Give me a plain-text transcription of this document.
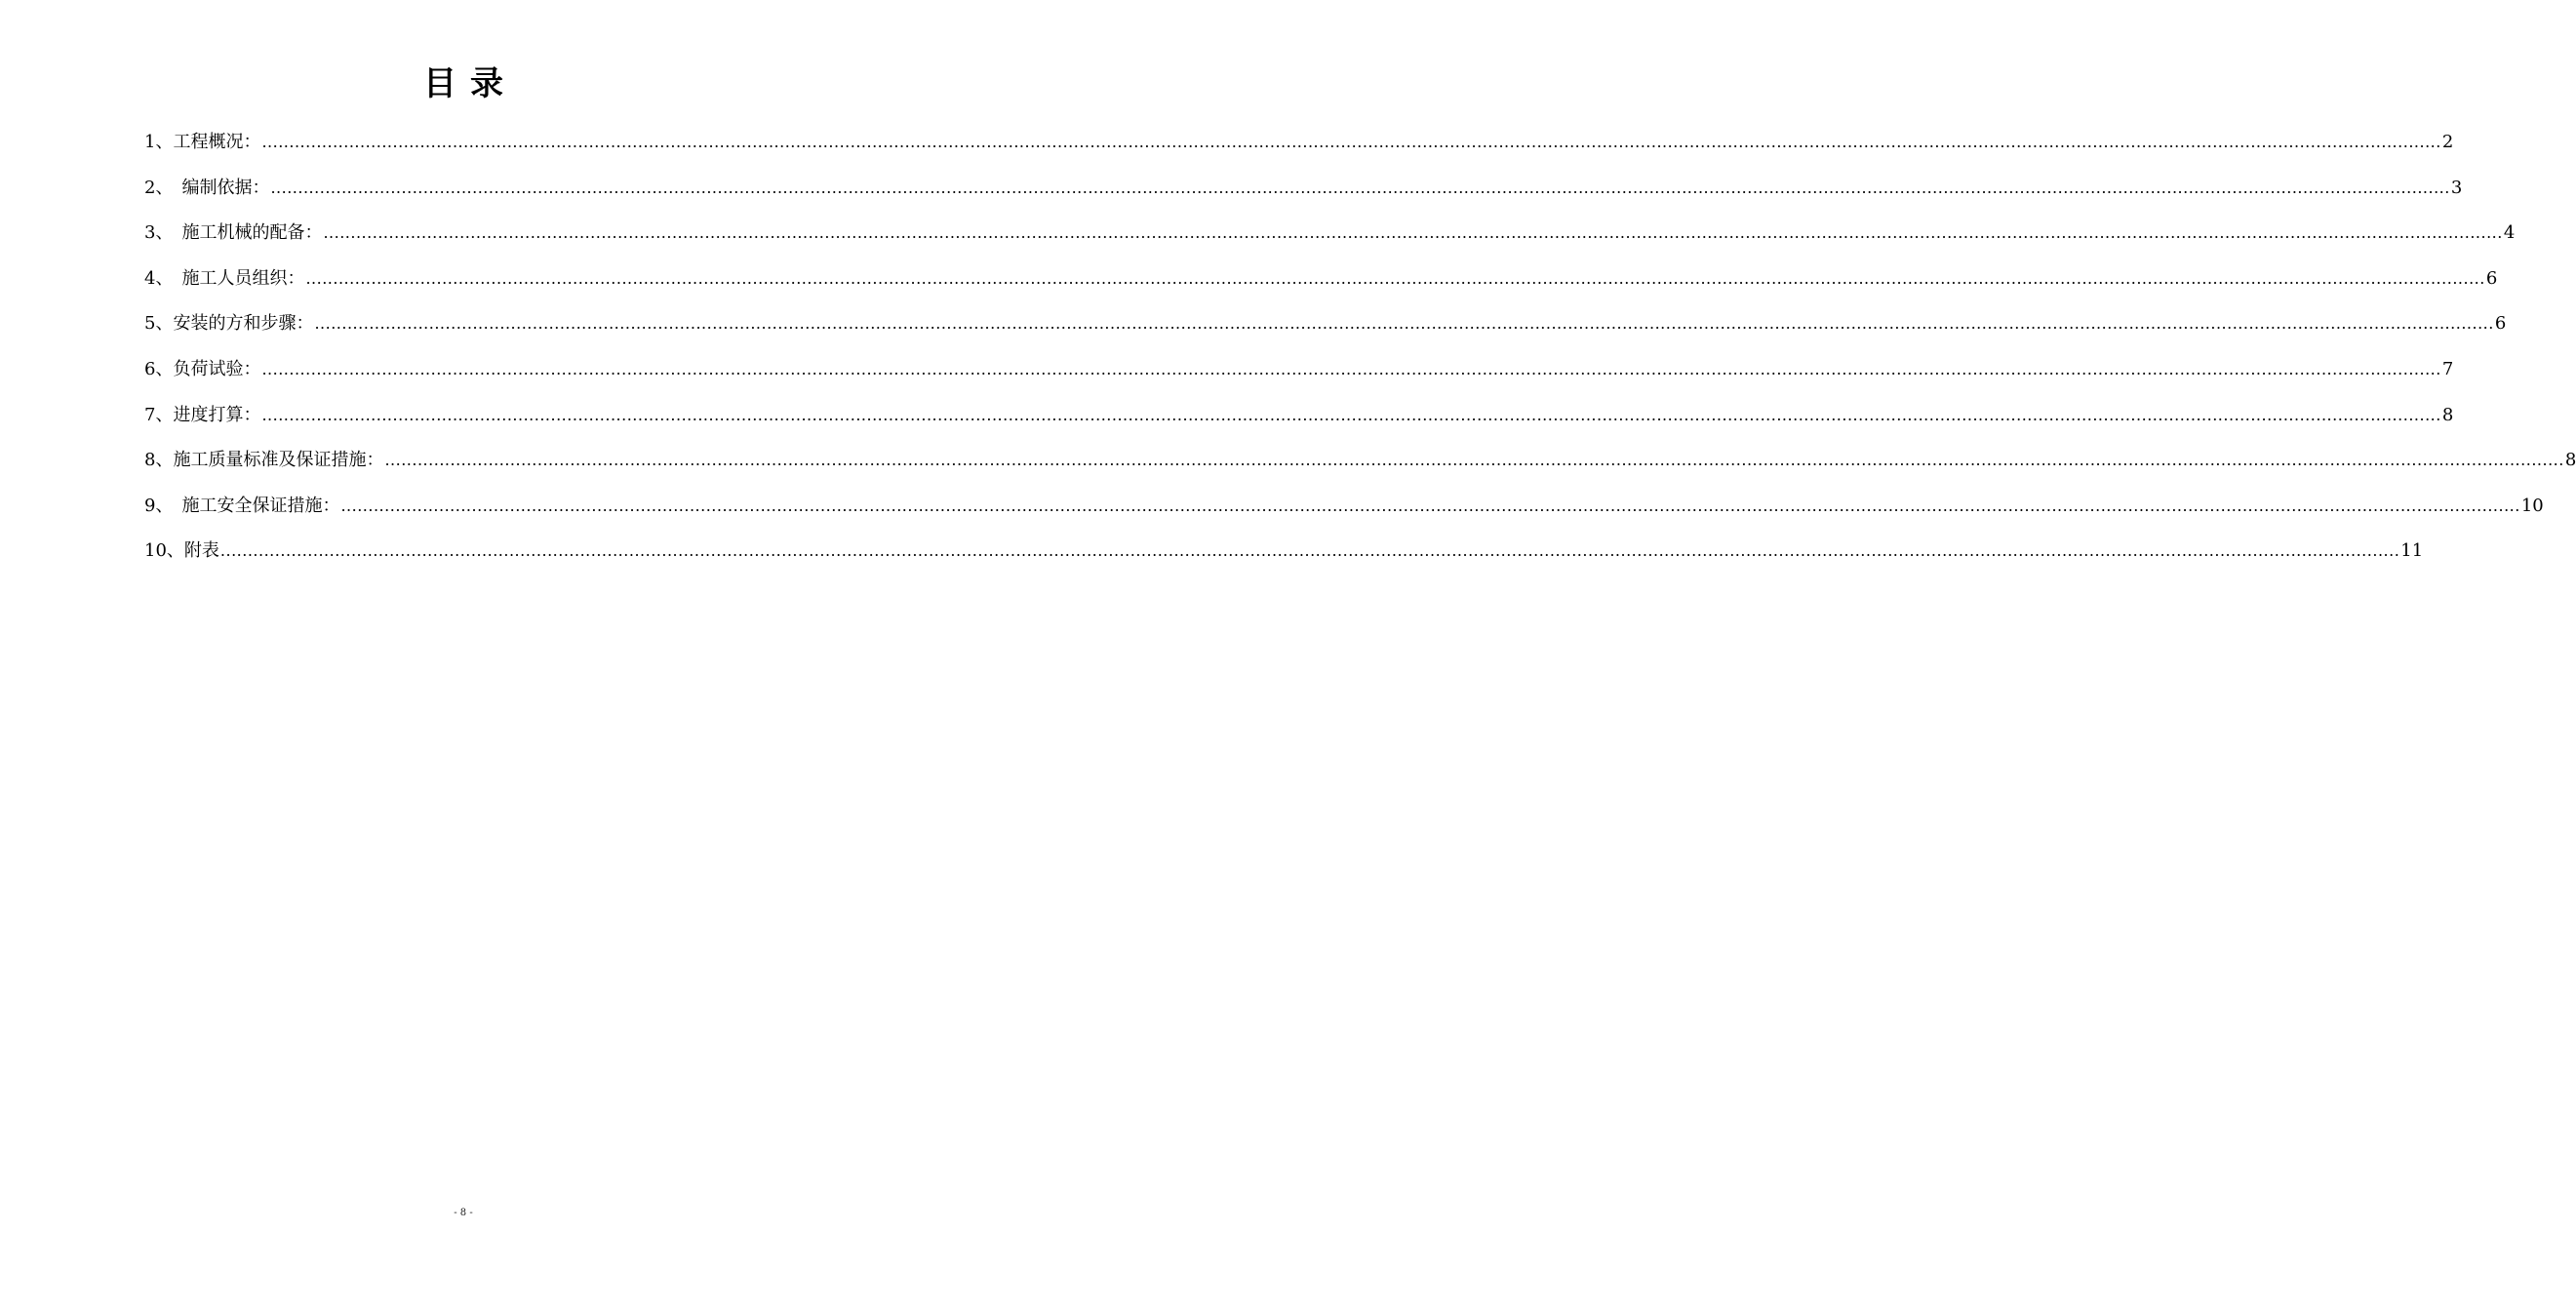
目录
1、工程概况： ................................................................................................................................................................................................................................................................................................................................................................................................................ 2
2、　编制依据： ................................................................................................................................................................................................................................................................................................................................................................................................................ 3
3、　施工机械的配备： ................................................................................................................................................................................................................................................................................................................................................................................................................ 4
4、　施工人员组织： ................................................................................................................................................................................................................................................................................................................................................................................................................ 6
5、安装的方和步骤： ................................................................................................................................................................................................................................................................................................................................................................................................................ 6
6、负荷试验： ................................................................................................................................................................................................................................................................................................................................................................................................................ 7
7、进度打算： ................................................................................................................................................................................................................................................................................................................................................................................................................ 8
8、施工质量标准及保证措施： ................................................................................................................................................................................................................................................................................................................................................................................................................ 8
9、　施工安全保证措施： ................................................................................................................................................................................................................................................................................................................................................................................................................ 10
10、附表 ................................................................................................................................................................................................................................................................................................................................................................................................................ 11
- 8 -
